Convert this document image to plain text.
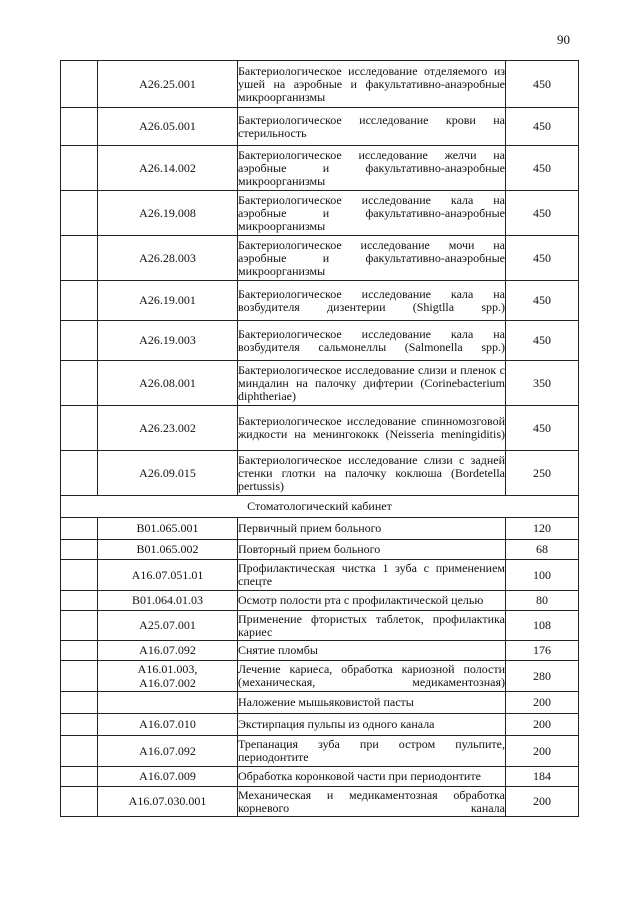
90
	А26.25.001	Бактериологическое исследование отделяемого из ушей на аэробные и факультативно-анаэробные микроорганизмы	450
	А26.05.001	Бактериологическое исследование крови на стерильность	450
	А26.14.002	Бактериологическое исследование желчи на аэробные и факультативно-анаэробные микроорганизмы	450
	А26.19.008	Бактериологическое исследование кала на аэробные и факультативно-анаэробные микроорганизмы	450
	А26.28.003	Бактериологическое исследование мочи на аэробные и факультативно-анаэробные микроорганизмы	450
	А26.19.001	Бактериологическое исследование кала на возбудителя дизентерии (Shigtlla spp.)	450
	А26.19.003	Бактериологическое исследование кала на возбудителя сальмонеллы (Salmonella spp.)	450
	А26.08.001	Бактериологическое исследование слизи и пленок с миндалин на палочку дифтерии (Corinebacterium diphtheriae)	350
	А26.23.002	Бактериологическое исследование спинномозговой жидкости на менингококк (Neisseria meningiditis)	450
	А26.09.015	Бактериологическое исследование слизи с задней стенки глотки на палочку коклюша (Bordetella pertussis)	250
Стоматологический кабинет			
	В01.065.001	Первичный прием больного	120
	В01.065.002	Повторный прием больного	68
	А16.07.051.01	Профилактическая чистка 1 зуба с применением спецте	100
	В01.064.01.03	Осмотр полости рта с профилактической целью	80
	А25.07.001	Применение фтористых таблеток, профилактика кариес	108
	А16.07.092	Снятие пломбы	176
	А16.01.003,
А16.07.002	Лечение кариеса, обработка кариозной полости (механическая, медикаментозная)	280
		Наложение мышьяковистой пасты	200
	А16.07.010	Экстирпация пульпы из одного канала	200
	А16.07.092	Трепанация зуба при остром пульпите, периодонтите	200
	А16.07.009	Обработка коронковой части при периодонтите	184
	А16.07.030.001	Механическая и медикаментозная обработка корневого канала	200
